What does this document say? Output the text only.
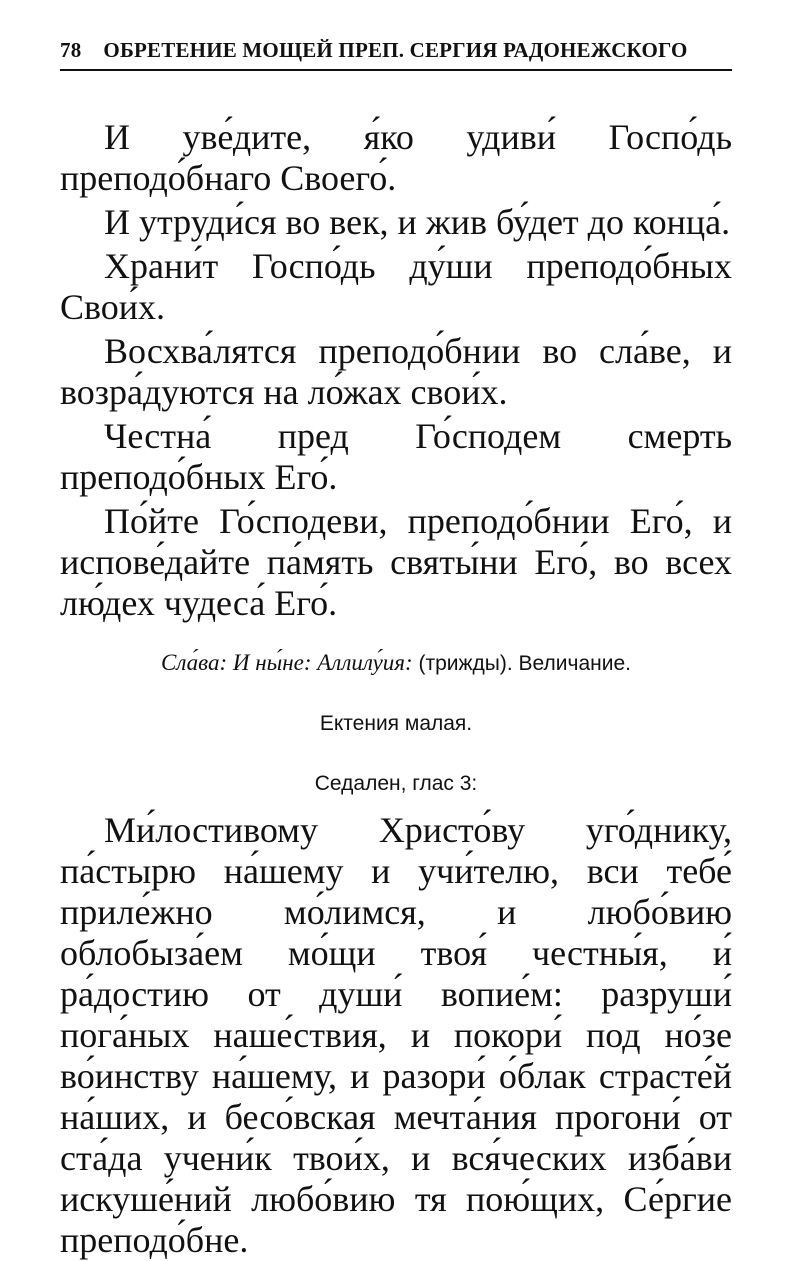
78 ОБРЕТЕНИЕ МОЩЕЙ ПРЕП. СЕРГИЯ РАДОНЕЖСКОГО

И уве́дите, я́ко удиви́ Госпо́дь преподо́бнаго Своего́.

И утруди́ся во век, и жив бу́дет до конца́.

Храни́т Госпо́дь ду́ши преподо́бных Свои́х.

Восхва́лятся преподо́бнии во сла́ве, и возра́дуются на ло́жах свои́х.

Честна́ пред Го́сподем смерть преподо́бных Его́.

По́йте Го́сподеви, преподо́бнии Его́, и испове́дайте па́мять святы́ни Его́, во всех лю́дех чудеса́ Его́.

Сла́ва: И ны́не: Аллилу́ия: (трижды). Величание.

Ектения малая.

Седален, глас 3:

Ми́лостивому Христо́ву уго́днику, па́стырю на́шему и учи́телю, вси тебе́ приле́жно мо́лимся, и любо́вию облобыза́ем мо́щи твоя́ честны́я, и́ ра́достию от души́ вопие́м: разруши́ пога́ных наше́ствия, и покори́ под но́зе во́инству на́шему, и разори́ о́блак страсте́й на́ших, и бесо́вская мечта́ния прогони́ от ста́да учени́к твои́х, и вся́ческих изба́ви искуше́ний любо́вию тя пою́щих, Се́ргие преподо́бне.
